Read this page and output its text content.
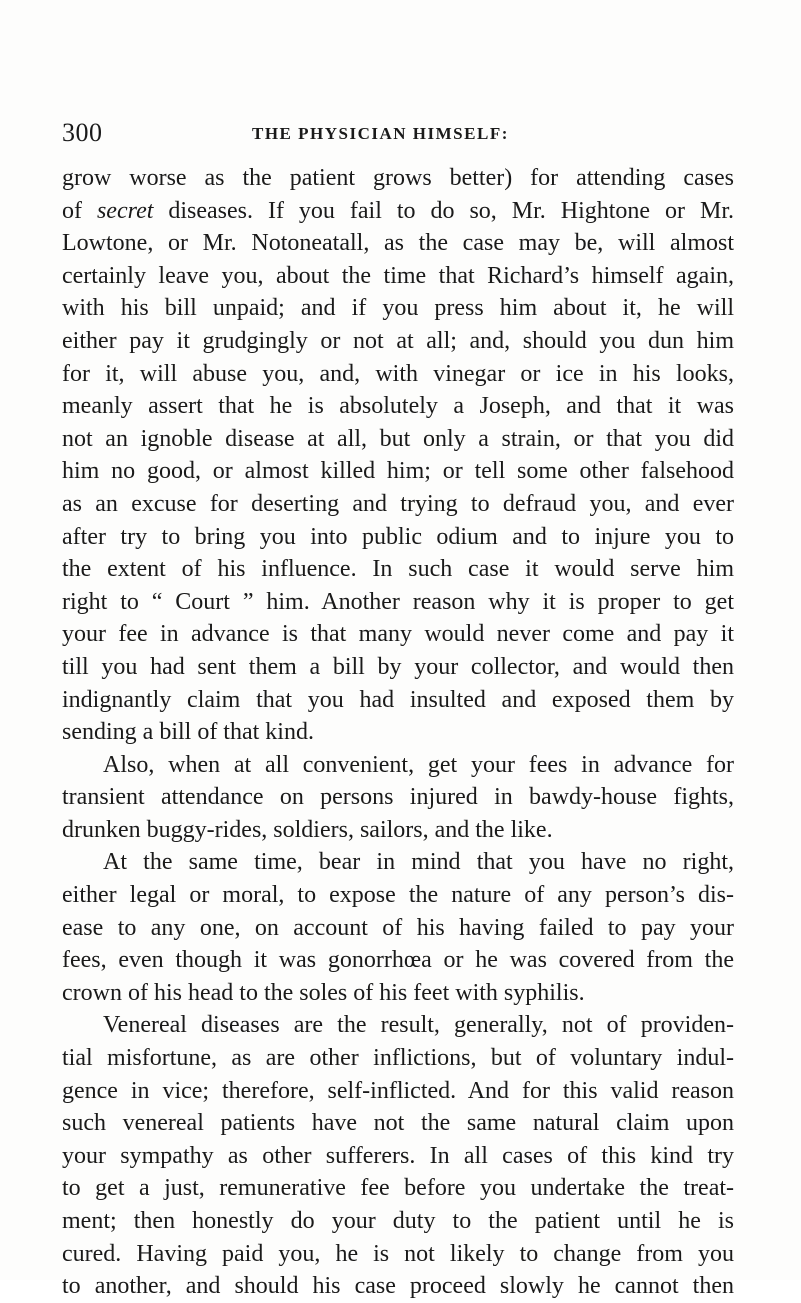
300	THE PHYSICIAN HIMSELF:
grow worse as the patient grows better) for attending cases
of secret diseases. If you fail to do so, Mr. Hightone or Mr.
Lowtone, or Mr. Notoneatall, as the case may be, will almost
certainly leave you, about the time that Richard’s himself again,
with his bill unpaid; and if you press him about it, he will
either pay it grudgingly or not at all; and, should you dun him
for it, will abuse you, and, with vinegar or ice in his looks,
meanly assert that he is absolutely a Joseph, and that it was
not an ignoble disease at all, but only a strain, or that you did
him no good, or almost killed him; or tell some other falsehood
as an excuse for deserting and trying to defraud you, and ever
after try to bring you into public odium and to injure you to
the extent of his influence. In such case it would serve him
right to “ Court ” him. Another reason why it is proper to get
your fee in advance is that many would never come and pay it
till you had sent them a bill by your collector, and would then
indignantly claim that you had insulted and exposed them by
sending a bill of that kind.
Also, when at all convenient, get your fees in advance for
transient attendance on persons injured in bawdy-house fights,
drunken buggy-rides, soldiers, sailors, and the like.
At the same time, bear in mind that you have no right,
either legal or moral, to expose the nature of any person’s dis-
ease to any one, on account of his having failed to pay your
fees, even though it was gonorrhœa or he was covered from the
crown of his head to the soles of his feet with syphilis.
Venereal diseases are the result, generally, not of providen-
tial misfortune, as are other inflictions, but of voluntary indul-
gence in vice; therefore, self-inflicted. And for this valid reason
such venereal patients have not the same natural claim upon
your sympathy as other sufferers. In all cases of this kind try
to get a just, remunerative fee before you undertake the treat-
ment; then honestly do your duty to the patient until he is
cured. Having paid you, he is not likely to change from you
to another, and should his case proceed slowly he cannot then
